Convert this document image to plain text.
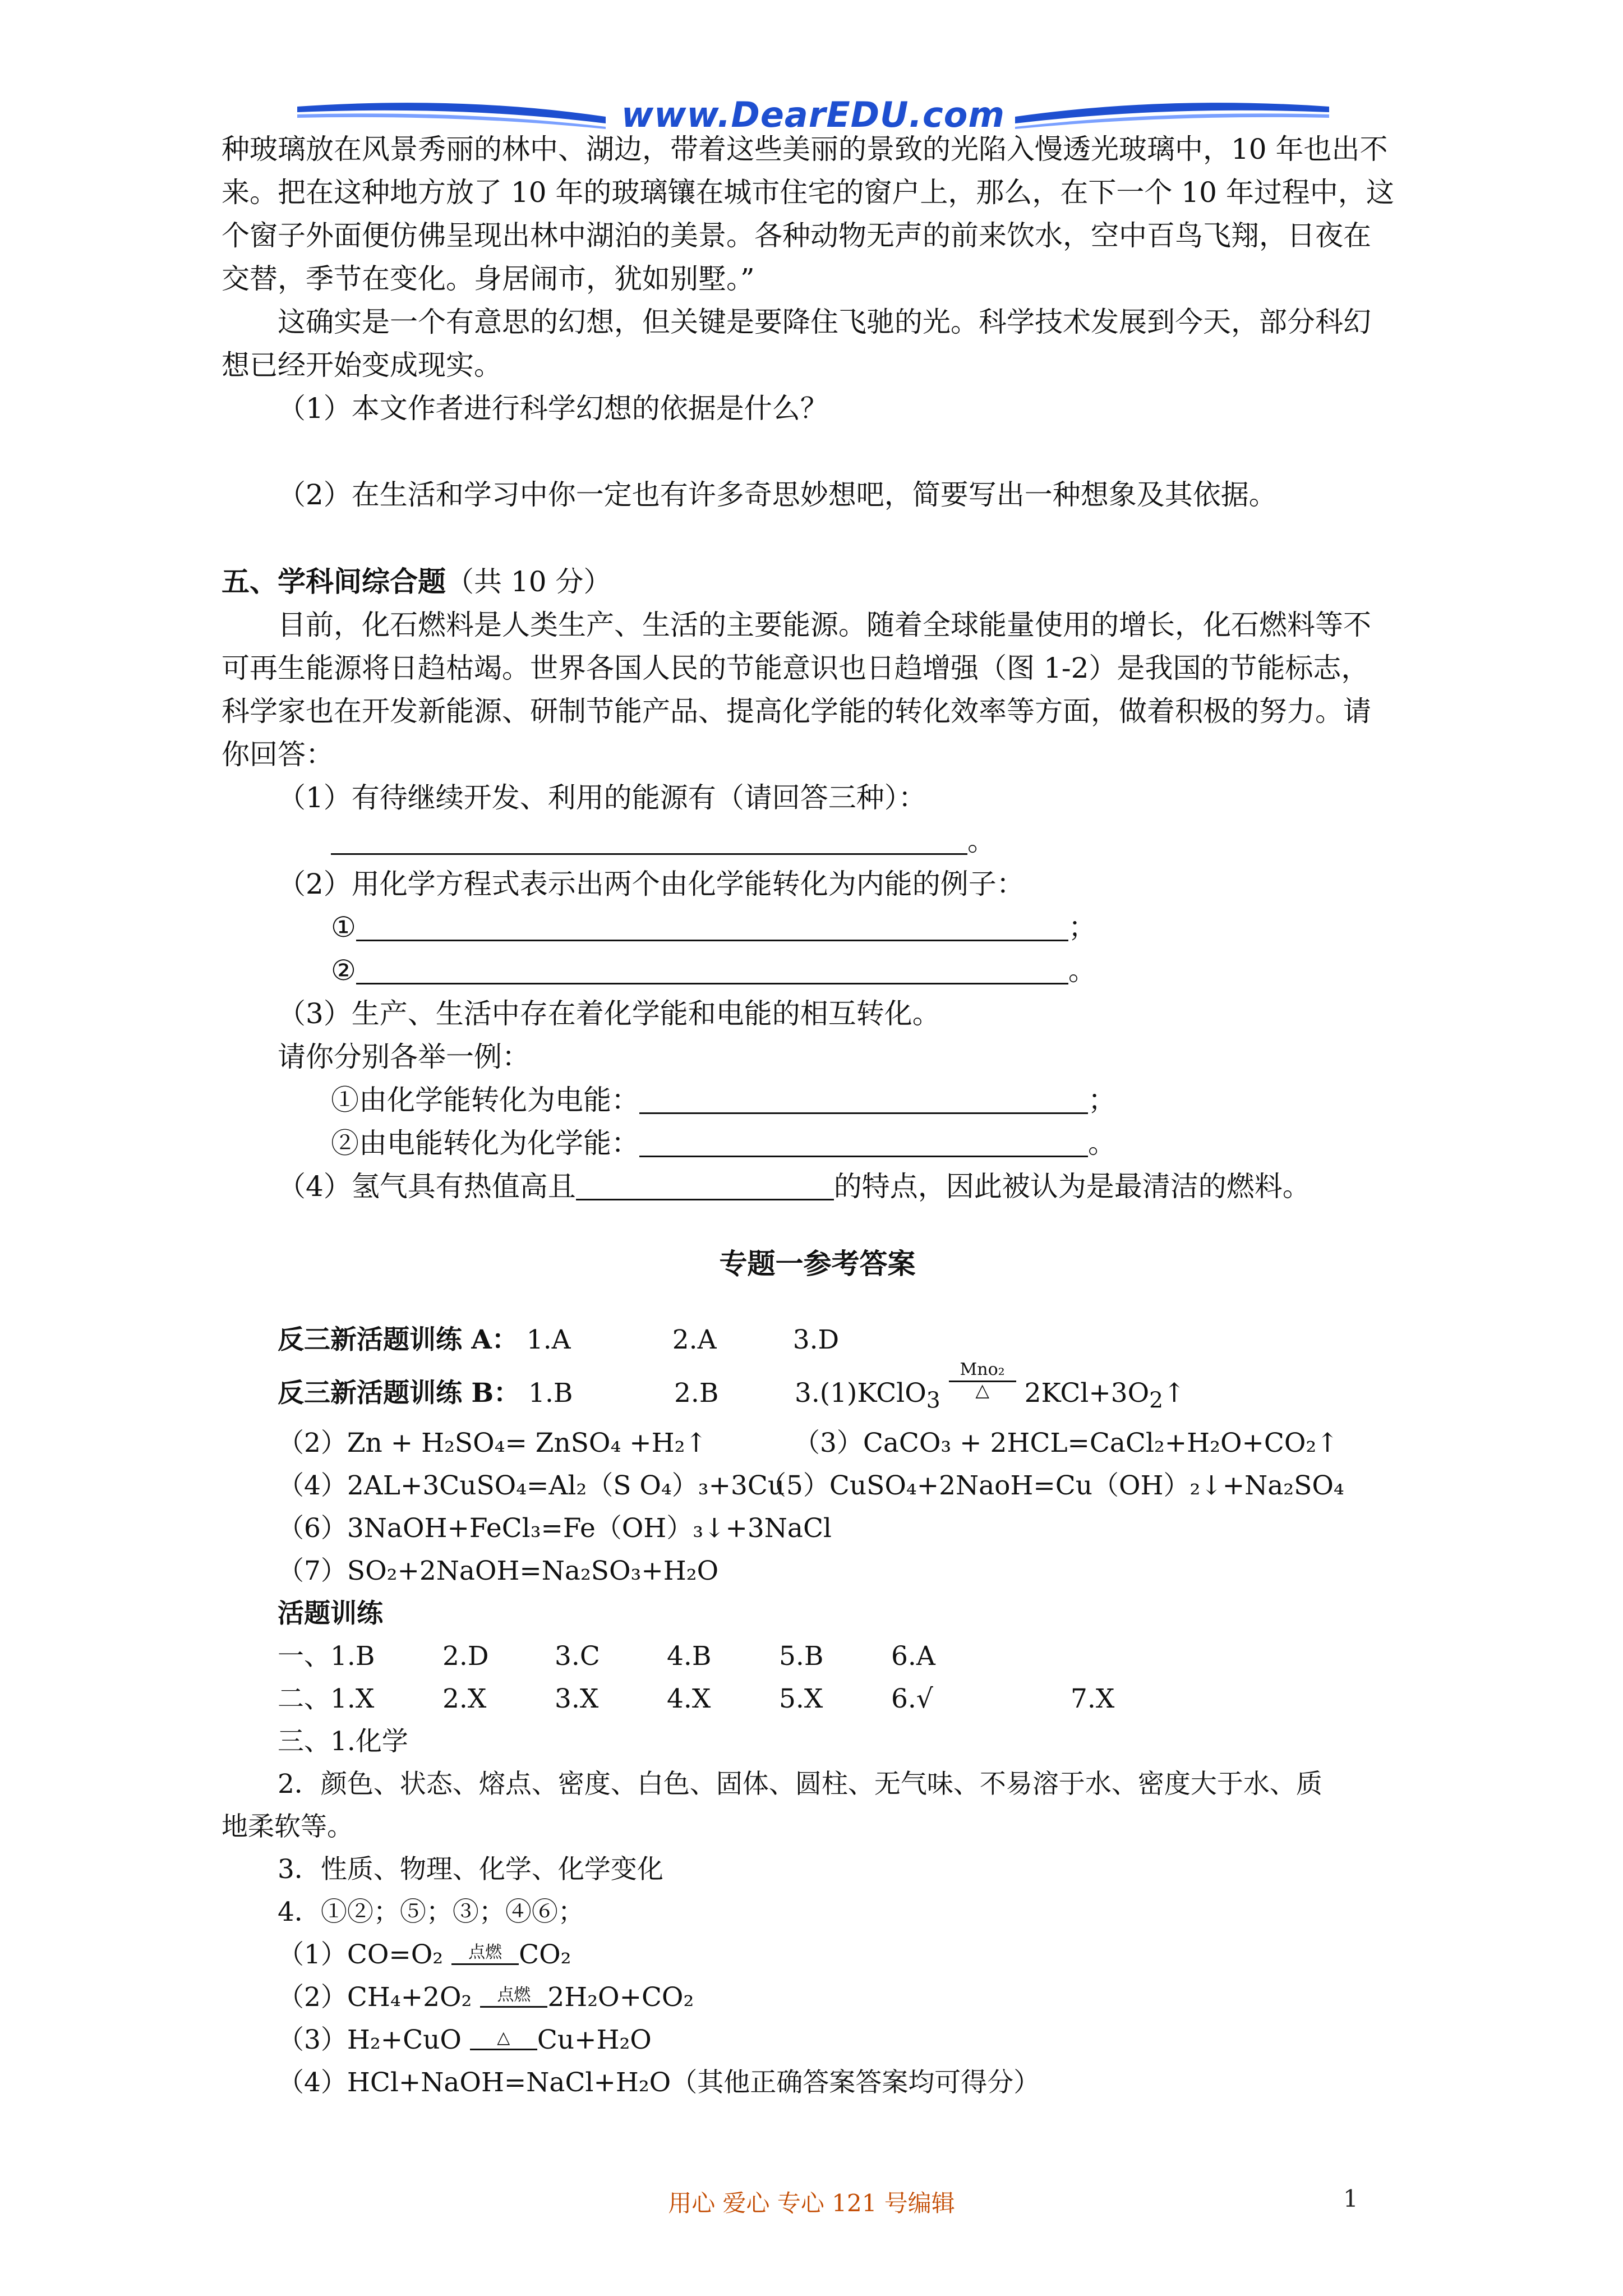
www.DearEDU.com
种玻璃放在风景秀丽的林中、湖边，带着这些美丽的景致的光陷入慢透光玻璃中，10 年也出不
来。把在这种地方放了 10 年的玻璃镶在城市住宅的窗户上，那么，在下一个 10 年过程中，这
个窗子外面便仿佛呈现出林中湖泊的美景。各种动物无声的前来饮水，空中百鸟飞翔，日夜在
交替，季节在变化。身居闹市，犹如别墅。”
这确实是一个有意思的幻想，但关键是要降住飞驰的光。科学技术发展到今天，部分科幻
想已经开始变成现实。
（1）本文作者进行科学幻想的依据是什么？
（2）在生活和学习中你一定也有许多奇思妙想吧，简要写出一种想象及其依据。
五、学科间综合题（共 10 分）
目前，化石燃料是人类生产、生活的主要能源。随着全球能量使用的增长，化石燃料等不
可再生能源将日趋枯竭。世界各国人民的节能意识也日趋增强（图 1-2）是我国的节能标志，
科学家也在开发新能源、研制节能产品、提高化学能的转化效率等方面，做着积极的努力。请
你回答：
（1）有待继续开发、利用的能源有（请回答三种）：
。
（2）用化学方程式表示出两个由化学能转化为内能的例子：
①	；
②	。
（3）生产、生活中存在着化学能和电能的相互转化。
请你分别各举一例：
①由化学能转化为电能：	；
②由电能转化为化学能：	。
（4）氢气具有热值高且	的特点，因此被认为是最清洁的燃料。
专题一参考答案
反三新活题训练 A： 1.A	2.A	3.D
反三新活题训练 B： 1.B	2.B	3.(1)KClO$_3$ Mno₂
△	$2KCl+3O_2↑$
（2）Zn + H₂SO₄= ZnSO₄ +H₂↑	（3）CaCO₃ + 2HCL=CaCl₂+H₂O+CO₂↑
（4）2AL+3CuSO₄=Al₂（S O₄）₃+3Cu（5）CuSO₄+2NaoH=Cu（OH）₂↓+Na₂SO₄
（6）3NaOH+FeCl₃=Fe（OH）₃↓+3NaCl
（7）SO₂+2NaOH=Na₂SO₃+H₂O
活题训练
一、1.B	2.D 3.C	4.B	5.B	6.A
二、1.X	2.X	3.X	4.X	5.X	6.√	7.X
三、1.化学
2．颜色、状态、熔点、密度、白色、固体、圆柱、无气味、不易溶于水、密度大于水、质
地柔软等。
3．性质、物理、化学、化学变化
4．①②；⑤；③；④⑥；
（1）CO=O₂ 点燃 CO₂
（2）CH₄+2O₂ 点燃 2H₂O+CO₂
（3）H₂+CuO △ Cu+H₂O
（4）HCl+NaOH=NaCl+H₂O（其他正确答案答案均可得分）
用心 爱心 专心 121 号编辑	1
